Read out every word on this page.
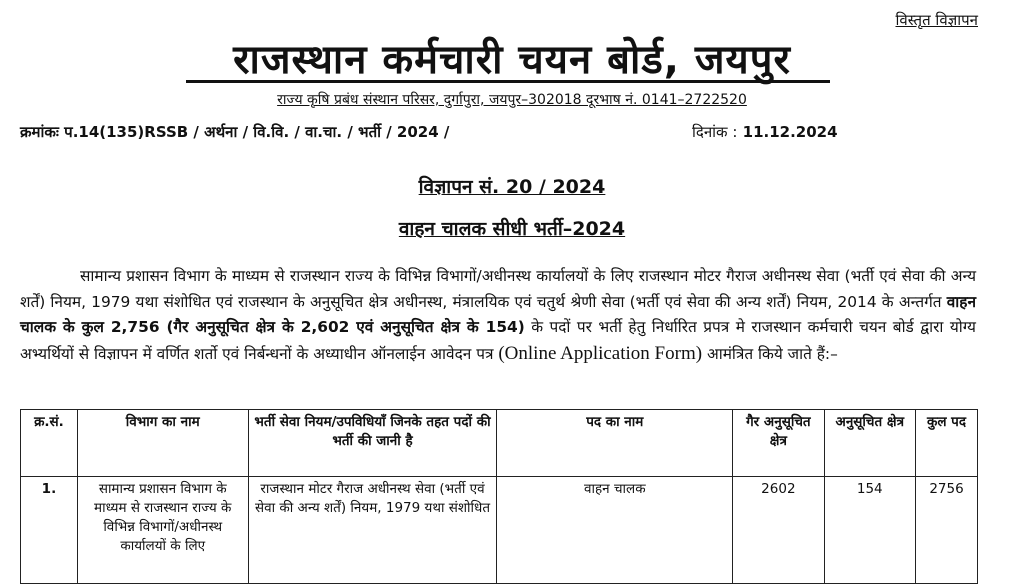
विस्तृत विज्ञापन
राजस्थान कर्मचारी चयन बोर्ड, जयपुर
राज्य कृषि प्रबंध संस्थान परिसर, दुर्गापुरा, जयपुर–302018 दूरभाष नं. 0141–2722520
क्रमांकः प.14(135)RSSB / अर्थना / वि.वि. / वा.चा. / भर्ती / 2024 /	दिनांक : 11.12.2024
विज्ञापन सं. 20 / 2024
वाहन चालक सीधी भर्ती–2024
सामान्य प्रशासन विभाग के माध्यम से राजस्थान राज्य के विभिन्न विभागों/अधीनस्थ कार्यालयों के लिए राजस्थान मोटर गैराज अधीनस्थ सेवा (भर्ती एवं सेवा की अन्य शर्तें) नियम, 1979 यथा संशोधित एवं राजस्थान के अनुसूचित क्षेत्र अधीनस्थ, मंत्रालयिक एवं चतुर्थ श्रेणी सेवा (भर्ती एवं सेवा की अन्य शर्तें) नियम, 2014 के अन्तर्गत वाहन चालक के कुल 2,756 (गैर अनुसूचित क्षेत्र के 2,602 एवं अनुसूचित क्षेत्र के 154) के पदों पर भर्ती हेतु निर्धारित प्रपत्र मे राजस्थान कर्मचारी चयन बोर्ड द्वारा योग्य अभ्यर्थियों से विज्ञापन में वर्णित शर्तो एवं निर्बन्धनों के अध्याधीन ऑनलाईन आवेदन पत्र (Online Application Form) आमंत्रित किये जाते हैं:–
क्र.सं.	विभाग का नाम	भर्ती सेवा नियम/उपविधियाँ जिनके तहत पदों की भर्ती की जानी है	पद का नाम	गैर अनुसूचित क्षेत्र	अनुसूचित क्षेत्र	कुल पद
1.	सामान्य प्रशासन विभाग के माध्यम से राजस्थान राज्य के विभिन्न विभागों/अधीनस्थ कार्यालयों के लिए	राजस्थान मोटर गैराज अधीनस्थ सेवा (भर्ती एवं सेवा की अन्य शर्तें) नियम, 1979 यथा संशोधित	वाहन चालक	2602	154	2756
